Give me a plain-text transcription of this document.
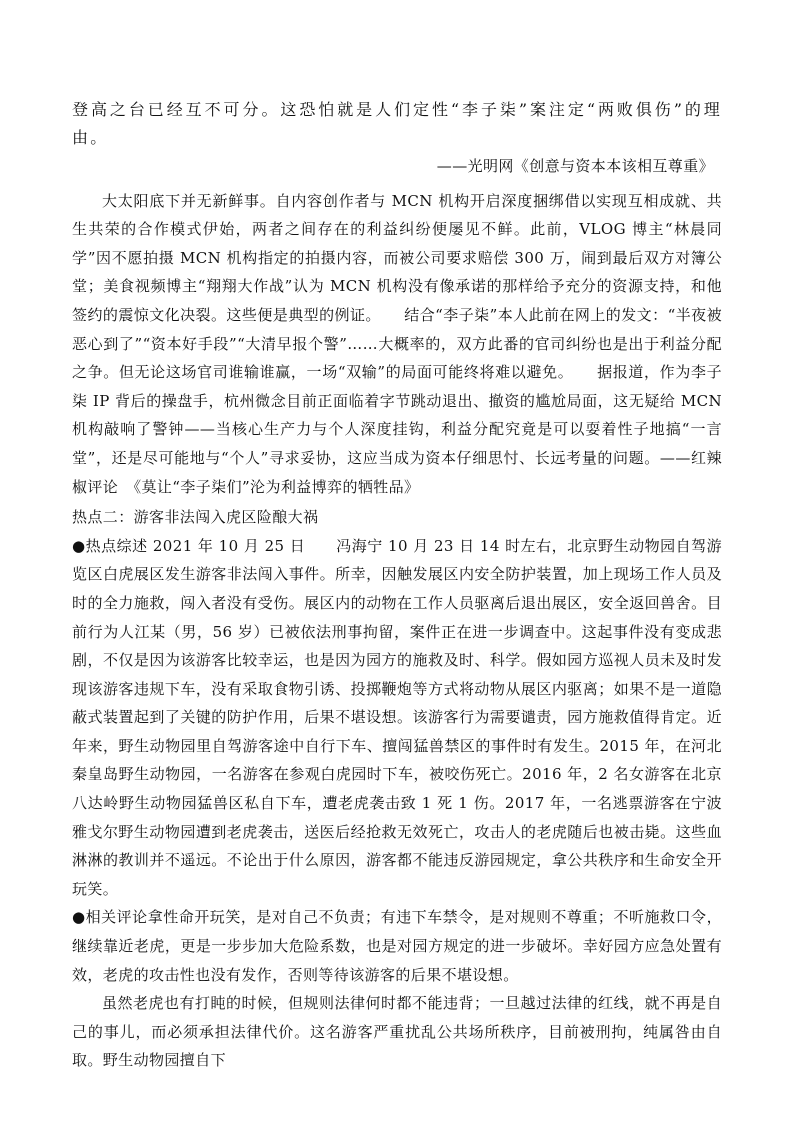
登高之台已经互不可分。这恐怕就是人们定性“李子柒”案注定“两败俱伤”的理由。

——光明网《创意与资本本该相互尊重》

大太阳底下并无新鲜事。自内容创作者与 MCN 机构开启深度捆绑借以实现互相成就、共生共荣的合作模式伊始，两者之间存在的利益纠纷便屡见不鲜。此前，VLOG 博主“林晨同学”因不愿拍摄 MCN 机构指定的拍摄内容，而被公司要求赔偿 300 万，闹到最后双方对簿公堂；美食视频博主“翔翔大作战”认为 MCN 机构没有像承诺的那样给予充分的资源支持，和他签约的震惊文化决裂。这些便是典型的例证。　　结合“李子柒”本人此前在网上的发文：“半夜被恶心到了”“资本好手段”“大清早报个警”……大概率的，双方此番的官司纠纷也是出于利益分配之争。但无论这场官司谁输谁赢，一场“双输”的局面可能终将难以避免。　　据报道，作为李子柒 IP 背后的操盘手，杭州微念目前正面临着字节跳动退出、撤资的尴尬局面，这无疑给 MCN 机构敲响了警钟——当核心生产力与个人深度挂钩，利益分配究竟是可以耍着性子地搞“一言堂”，还是尽可能地与“个人”寻求妥协，这应当成为资本仔细思忖、长远考量的问题。——红辣椒评论　《莫让“李子柒们”沦为利益博弈的牺牲品》

热点二：游客非法闯入虎区险酿大祸

●热点综述 2021 年 10 月 25 日　　冯海宁 10 月 23 日 14 时左右，北京野生动物园自驾游览区白虎展区发生游客非法闯入事件。所幸，因触发展区内安全防护装置，加上现场工作人员及时的全力施救，闯入者没有受伤。展区内的动物在工作人员驱离后退出展区，安全返回兽舍。目前行为人江某（男，56 岁）已被依法刑事拘留，案件正在进一步调查中。这起事件没有变成悲剧，不仅是因为该游客比较幸运，也是因为园方的施救及时、科学。假如园方巡视人员未及时发现该游客违规下车，没有采取食物引诱、投掷鞭炮等方式将动物从展区内驱离；如果不是一道隐蔽式装置起到了关键的防护作用，后果不堪设想。该游客行为需要谴责，园方施救值得肯定。近年来，野生动物园里自驾游客途中自行下车、擅闯猛兽禁区的事件时有发生。2015 年，在河北秦皇岛野生动物园，一名游客在参观白虎园时下车，被咬伤死亡。2016 年，2 名女游客在北京八达岭野生动物园猛兽区私自下车，遭老虎袭击致 1 死 1 伤。2017 年，一名逃票游客在宁波雅戈尔野生动物园遭到老虎袭击，送医后经抢救无效死亡，攻击人的老虎随后也被击毙。这些血淋淋的教训并不遥远。不论出于什么原因，游客都不能违反游园规定，拿公共秩序和生命安全开玩笑。

●相关评论拿性命开玩笑，是对自己不负责；有违下车禁令，是对规则不尊重；不听施救口令，继续靠近老虎，更是一步步加大危险系数，也是对园方规定的进一步破坏。幸好园方应急处置有效，老虎的攻击性也没有发作，否则等待该游客的后果不堪设想。

虽然老虎也有打盹的时候，但规则法律何时都不能违背；一旦越过法律的红线，就不再是自己的事儿，而必须承担法律代价。这名游客严重扰乱公共场所秩序，目前被刑拘，纯属咎由自取。野生动物园擅自下
